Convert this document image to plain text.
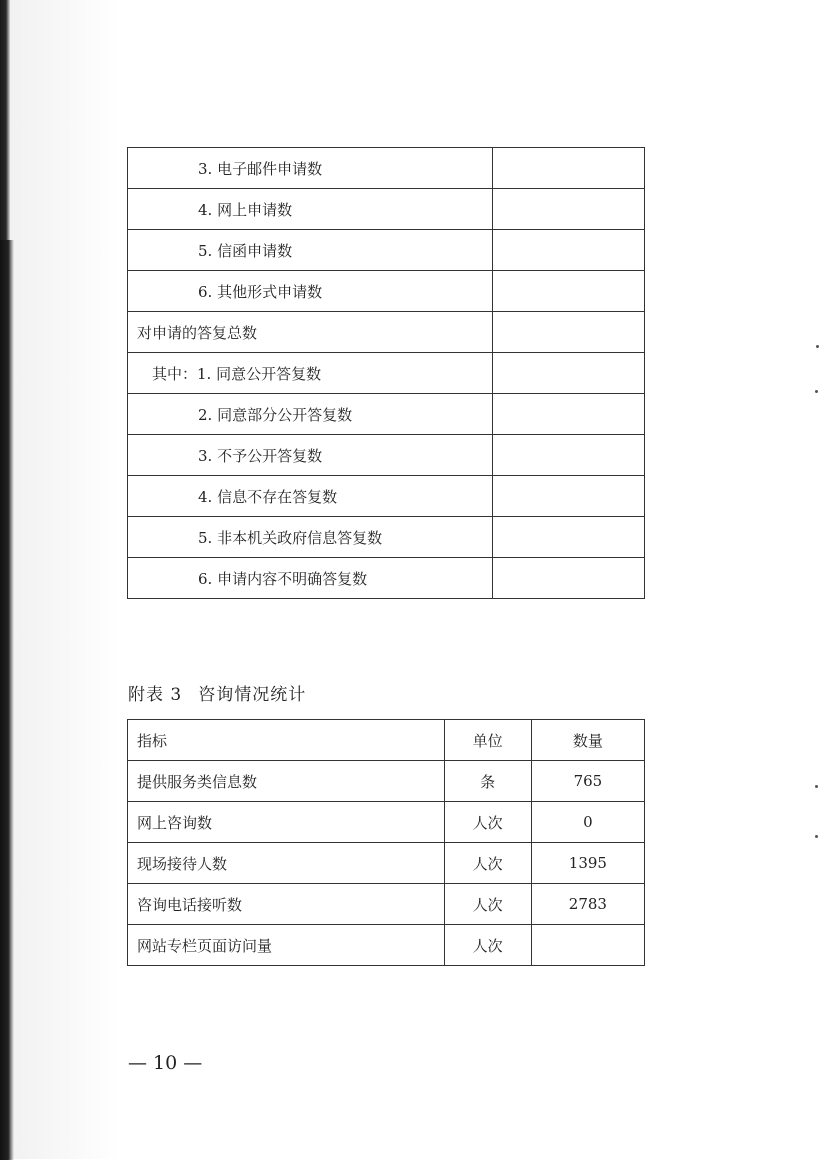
3. 电子邮件申请数	
4. 网上申请数	
5. 信函申请数	
6. 其他形式申请数	
对申请的答复总数	
其中：1. 同意公开答复数	
2. 同意部分公开答复数	
3. 不予公开答复数	
4. 信息不存在答复数	
5. 非本机关政府信息答复数	
6. 申请内容不明确答复数	
附表 3 咨询情况统计
指标	单位	数量
提供服务类信息数	条	765
网上咨询数	人次	0
现场接待人数	人次	1395
咨询电话接听数	人次	2783
网站专栏页面访问量	人次	
— 10 —
